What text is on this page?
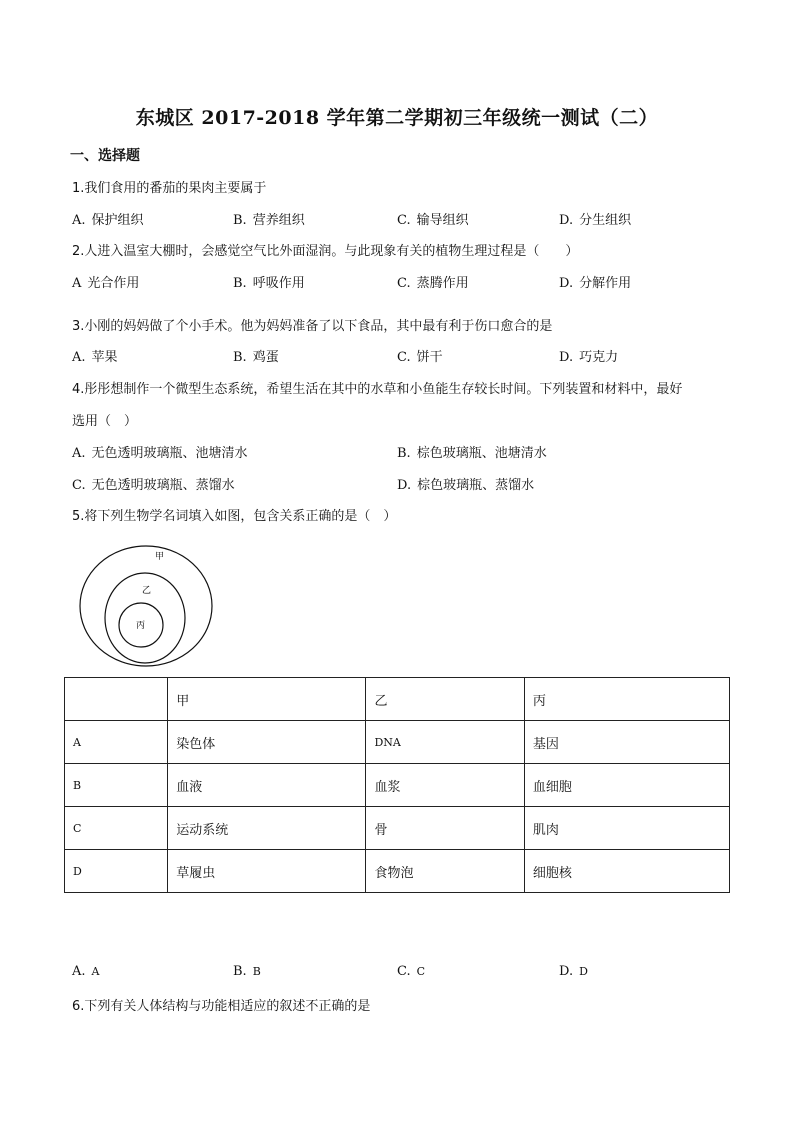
东城区 2017-2018 学年第二学期初三年级统一测试（二）
一、选择题
1.我们食用的番茄的果肉主要属于
A. 保护组织	B. 营养组织	C. 输导组织	D. 分生组织
2.人进入温室大棚时，会感觉空气比外面湿润。与此现象有关的植物生理过程是（　　）
A 光合作用	B. 呼吸作用	C. 蒸腾作用	D. 分解作用
3.小刚的妈妈做了个小手术。他为妈妈准备了以下食品，其中最有利于伤口愈合的是
A. 苹果	B. 鸡蛋	C. 饼干	D. 巧克力
4.彤彤想制作一个微型生态系统，希望生活在其中的水草和小鱼能生存较长时间。下列装置和材料中，最好
选用（　）
A. 无色透明玻璃瓶、池塘清水	B. 棕色玻璃瓶、池塘清水
C. 无色透明玻璃瓶、蒸馏水	D. 棕色玻璃瓶、蒸馏水
5.将下列生物学名词填入如图，包含关系正确的是（　）
甲
乙
丙
	甲	乙	丙
A	染色体	DNA	基因
B	血液	血浆	血细胞
C	运动系统	骨	肌肉
D	草履虫	食物泡	细胞核
A. A	B. B	C. C	D. D
6.下列有关人体结构与功能相适应的叙述不正确的是
